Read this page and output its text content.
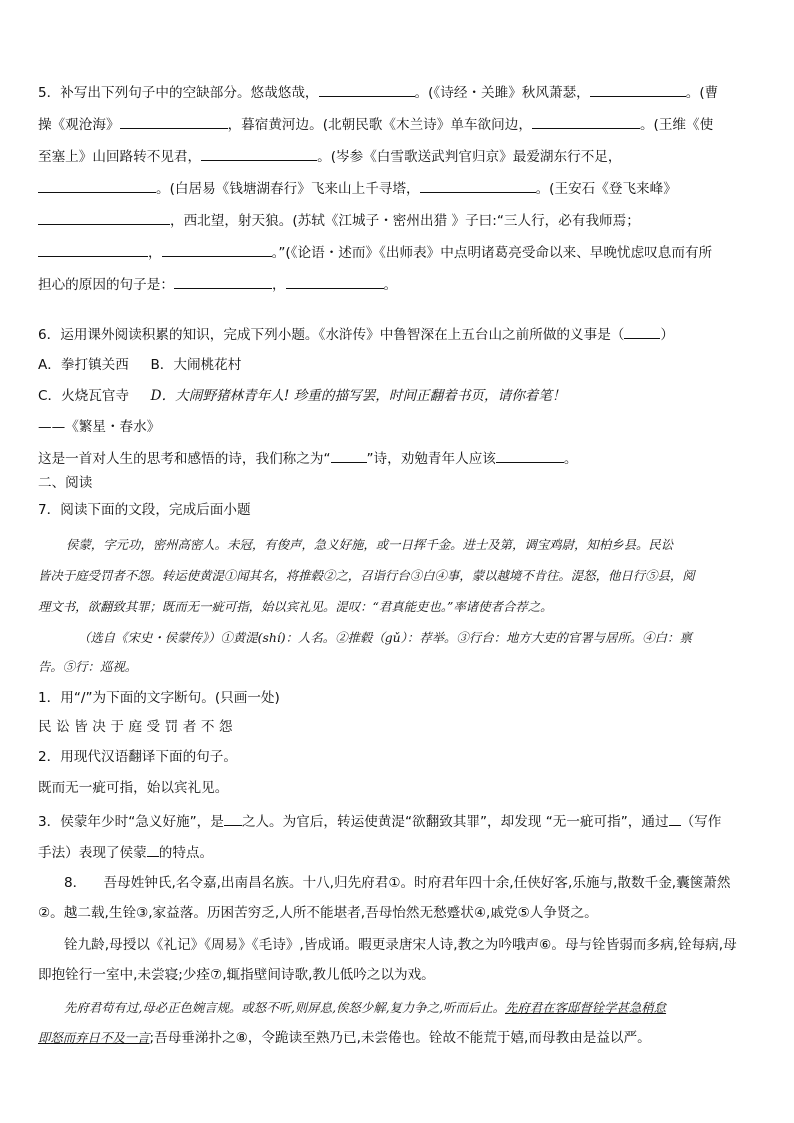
5．补写出下列句子中的空缺部分。悠哉悠哉，	。(《诗经・关雎》秋风萧瑟，	。(曹
操《观沧海》	，暮宿黄河边。(北朝民歌《木兰诗》单车欲问边，	。(王维《使
至塞上》山回路转不见君，	。(岑参《白雪歌送武判官归京》最爱湖东行不足，
。(白居易《钱塘湖春行》飞来山上千寻塔，	。(王安石《登飞来峰》
，西北望，射天狼。(苏轼《江城子・密州出猎 》子曰:“三人行，必有我师焉；
，	。”(《论语・述而》《出师表》中点明诸葛亮受命以来、早晚忧虑叹息而有所
担心的原因的句子是：	，	。
6．运用课外阅读积累的知识，完成下列小题。《水浒传》中鲁智深在上五台山之前所做的义事是（	）
A．拳打镇关西 B．大闹桃花村
C．火烧瓦官寺 D．大闹野猪林青年人! 珍重的描写罢，时间正翻着书页，请你着笔！
——《繁星・春水》
这是一首对人生的思考和感悟的诗，我们称之为“	”诗，劝勉青年人应该	。
二、阅读
7．阅读下面的文段，完成后面小题
侯蒙，字元功，密州高密人。未冠，有俊声，急义好施，或一日挥千金。进士及第，调宝鸡尉，知柏乡县。民讼
皆决于庭受罚者不怨。转运使黄湜①闻其名，将推毂②之，召诣行台③白④事，蒙以越境不肯往。湜怒，他日行⑤县，阅
理文书，欲翻致其罪；既而无一疵可指，始以宾礼见。湜叹：“君真能吏也。”率诸使者合荐之。
（选自《宋史・侯蒙传》）①黄湜(shí)：人名。②推毂（gǔ）：荐举。③行台：地方大吏的官署与居所。④白：禀
告。⑤行：巡视。
1．用“/”为下面的文字断句。(只画一处)
民讼皆决于庭受罚者不怨
2．用现代汉语翻译下面的句子。
既而无一疵可指，始以宾礼见。
3．侯蒙年少时“急义好施”，是 之人。为官后，转运使黄湜“欲翻致其罪”，却发现 “无一疵可指”，通过 （写作
手法）表现了侯蒙 的特点。
8．    吾母姓钟氏,名令嘉,出南昌名族。十八,归先府君①。时府君年四十余,任侠好客,乐施与,散数千金,囊箧萧然
②。越二载,生铨③,家益落。历困苦穷乏,人所不能堪者,吾母怡然无愁蹙状④,戚党⑤人争贤之。
铨九龄,母授以《礼记》《周易》《毛诗》,皆成诵。暇更录唐宋人诗,教之为吟哦声⑥。母与铨皆弱而多病,铨每病,母
即抱铨行一室中,未尝寝;少痊⑦,辄指壁间诗歌,教儿低吟之以为戏。
先府君苟有过,母必正色婉言规。或怒不听,则屏息,俟怒少解,复力争之,听而后止。先府君在客邸督铨学甚急稍怠
即怒而弃日不及一言;吾母垂涕扑之⑧，令跪读至熟乃已,未尝倦也。铨故不能荒于嬉,而母教由是益以严。
